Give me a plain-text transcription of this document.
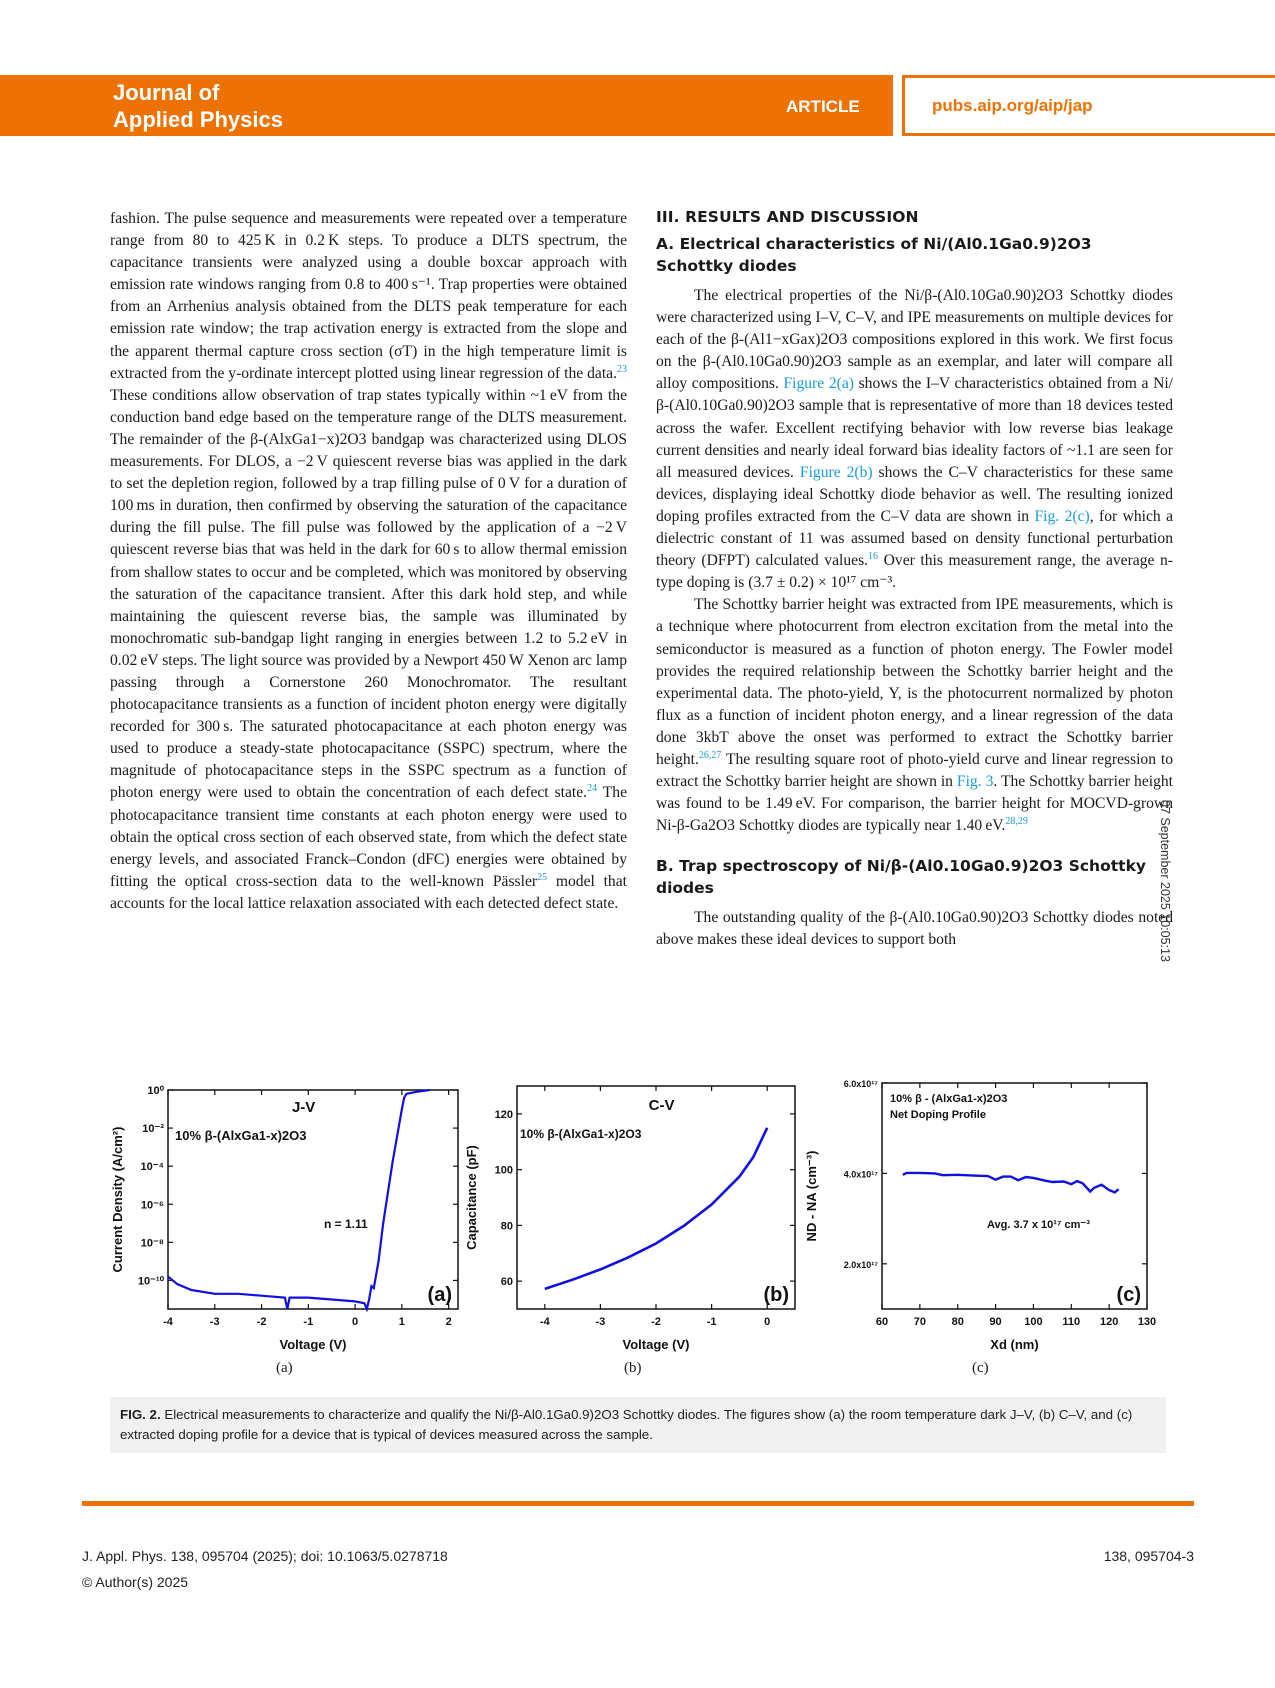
Journal of
Applied Physics
ARTICLE	pubs.aip.org/aip/jap

fashion. The pulse sequence and measurements were repeated over a temperature range from 80 to 425 K in 0.2 K steps. To produce a DLTS spectrum, the capacitance transients were analyzed using a double boxcar approach with emission rate windows ranging from 0.8 to 400 s⁻¹. Trap properties were obtained from an Arrhenius analysis obtained from the DLTS peak temperature for each emission rate window; the trap activation energy is extracted from the slope and the apparent thermal capture cross section (σT) in the high temperature limit is extracted from the y-ordinate intercept plotted using linear regression of the data.$^{23}$ These conditions allow observation of trap states typically within ~1 eV from the conduction band edge based on the temperature range of the DLTS measurement. The remainder of the β-(AlxGa1−x)2O3 bandgap was characterized using DLOS measurements. For DLOS, a −2 V quiescent reverse bias was applied in the dark to set the depletion region, followed by a trap filling pulse of 0 V for a duration of 100 ms in duration, then confirmed by observing the saturation of the capacitance during the fill pulse. The fill pulse was followed by the application of a −2 V quiescent reverse bias that was held in the dark for 60 s to allow thermal emission from shallow states to occur and be completed, which was monitored by observing the saturation of the capacitance transient. After this dark hold step, and while maintaining the quiescent reverse bias, the sample was illuminated by monochromatic sub-bandgap light ranging in energies between 1.2 to 5.2 eV in 0.02 eV steps. The light source was provided by a Newport 450 W Xenon arc lamp passing through a Cornerstone 260 Monochromator. The resultant photocapacitance transients as a function of incident photon energy were digitally recorded for 300 s. The saturated photocapacitance at each photon energy was used to produce a steady-state photocapacitance (SSPC) spectrum, where the magnitude of photocapacitance steps in the SSPC spectrum as a function of photon energy were used to obtain the concentration of each defect state.$^{24}$ The photocapacitance transient time constants at each photon energy were used to obtain the optical cross section of each observed state, from which the defect state energy levels, and associated Franck–Condon (dFC) energies were obtained by fitting the optical cross-section data to the well-known Pässler$^{25}$ model that accounts for the local lattice relaxation associated with each detected defect state.

III. RESULTS AND DISCUSSION
A. Electrical characteristics of Ni/(Al0.1Ga0.9)2O3 Schottky diodes

The electrical properties of the Ni/β-(Al0.10Ga0.90)2O3 Schottky diodes were characterized using I–V, C–V, and IPE measurements on multiple devices for each of the β-(Al1−xGax)2O3 compositions explored in this work. We first focus on the β-(Al0.10Ga0.90)2O3 sample as an exemplar, and later will compare all alloy compositions. Figure 2(a) shows the I–V characteristics obtained from a Ni/β-(Al0.10Ga0.90)2O3 sample that is representative of more than 18 devices tested across the wafer. Excellent rectifying behavior with low reverse bias leakage current densities and nearly ideal forward bias ideality factors of ~1.1 are seen for all measured devices. Figure 2(b) shows the C–V characteristics for these same devices, displaying ideal Schottky diode behavior as well. The resulting ionized doping profiles extracted from the C–V data are shown in Fig. 2(c), for which a dielectric constant of 11 was assumed based on density functional perturbation theory (DFPT) calculated values.$^{16}$ Over this measurement range, the average n-type doping is (3.7 ± 0.2) × 10¹⁷ cm⁻³.

The Schottky barrier height was extracted from IPE measurements, which is a technique where photocurrent from electron excitation from the metal into the semiconductor is measured as a function of photon energy. The Fowler model provides the required relationship between the Schottky barrier height and the experimental data. The photo-yield, Y, is the photocurrent normalized by photon flux as a function of incident photon energy, and a linear regression of the data done 3kbT above the onset was performed to extract the Schottky barrier height.$^{26,27}$ The resulting square root of photo-yield curve and linear regression to extract the Schottky barrier height are shown in Fig. 3. The Schottky barrier height was found to be 1.49 eV. For comparison, the barrier height for MOCVD-grown Ni-β-Ga2O3 Schottky diodes are typically near 1.40 eV.$^{28,29}$

B. Trap spectroscopy of Ni/β-(Al0.10Ga0.9)2O3 Schottky diodes

The outstanding quality of the β-(Al0.10Ga0.90)2O3 Schottky diodes noted above makes these ideal devices to support both	07 September 2025 10:05:13
-4	-3	-2	-1	0	1	2
10⁰
10⁻²
10⁻⁴
10⁻⁶
10⁻⁸
10⁻¹⁰
Voltage (V)
Current Density (A/cm²)
(a)
J-V
10% β-(AlxGa1-x)2O3
n = 1.11
-4	-3	-2	-1	0
60
80
100
120
Voltage (V)
Capacitance (pF)
(b)
C-V
10% β-(AlxGa1-x)2O3
60 70 80 90 100 110 120 130
2.0x10¹⁷
4.0x10¹⁷
6.0x10¹⁷
Xd (nm)
ND - NA (cm⁻³)
(c)
10% β - (AlxGa1-x)2O3
Net Doping Profile
Avg. 3.7 x 10¹⁷ cm⁻³
(a)	(b)	(c)
FIG. 2. Electrical measurements to characterize and qualify the Ni/β-Al0.1Ga0.9)2O3 Schottky diodes. The figures show (a) the room temperature dark J–V, (b) C–V, and (c) extracted doping profile for a device that is typical of devices measured across the sample.
J. Appl. Phys. 138, 095704 (2025); doi: 10.1063/5.0278718	138, 095704-3
© Author(s) 2025
